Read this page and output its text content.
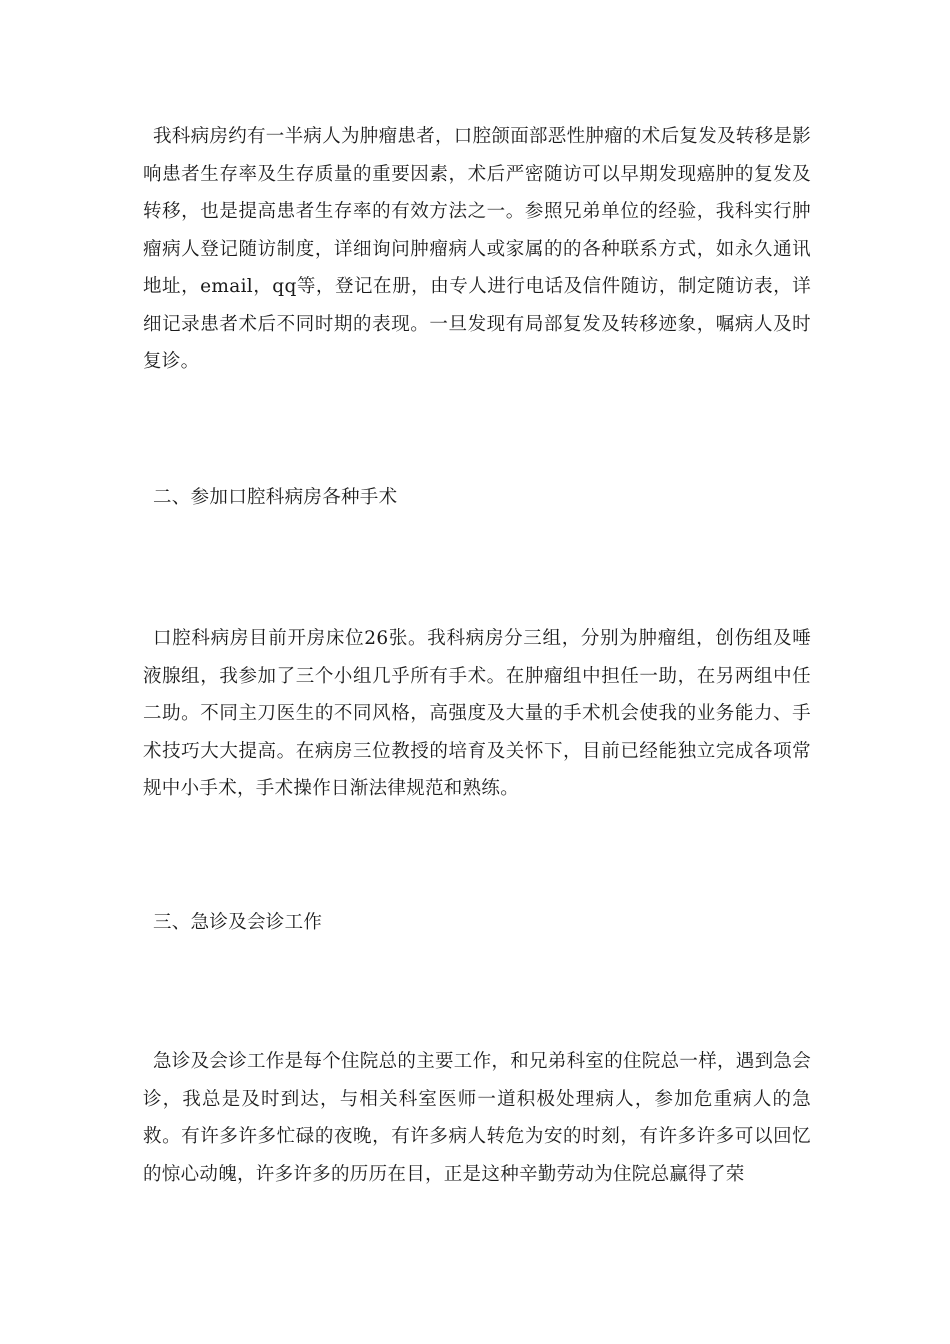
我科病房约有一半病人为肿瘤患者，口腔颌面部恶性肿瘤的术后复发及转移是影响患者生存率及生存质量的重要因素，术后严密随访可以早期发现癌肿的复发及转移，也是提高患者生存率的有效方法之一。参照兄弟单位的经验，我科实行肿瘤病人登记随访制度，详细询问肿瘤病人或家属的的各种联系方式，如永久通讯地址，email，qq等，登记在册，由专人进行电话及信件随访，制定随访表，详细记录患者术后不同时期的表现。一旦发现有局部复发及转移迹象，嘱病人及时复诊。

二、参加口腔科病房各种手术

口腔科病房目前开房床位26张。我科病房分三组，分别为肿瘤组，创伤组及唾液腺组，我参加了三个小组几乎所有手术。在肿瘤组中担任一助，在另两组中任二助。不同主刀医生的不同风格，高强度及大量的手术机会使我的业务能力、手术技巧大大提高。在病房三位教授的培育及关怀下，目前已经能独立完成各项常规中小手术，手术操作日渐法律规范和熟练。

三、急诊及会诊工作

急诊及会诊工作是每个住院总的主要工作，和兄弟科室的住院总一样，遇到急会诊，我总是及时到达，与相关科室医师一道积极处理病人，参加危重病人的急救。有许多许多忙碌的夜晚，有许多病人转危为安的时刻，有许多许多可以回忆的惊心动魄，许多许多的历历在目，正是这种辛勤劳动为住院总赢得了荣
